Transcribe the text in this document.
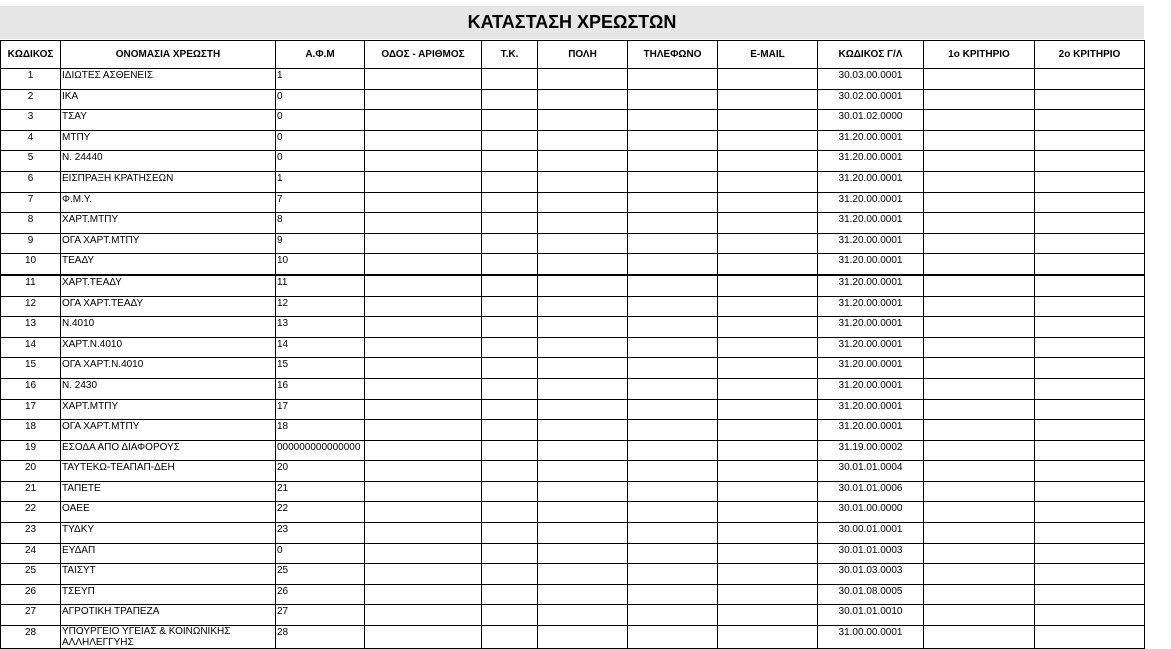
ΚΑΤΑΣΤΑΣΗ ΧΡΕΩΣΤΩΝ
ΚΩΔΙΚΟΣ	ΟΝΟΜΑΣΙΑ ΧΡΕΩΣΤΗ	Α.Φ.Μ	ΟΔΟΣ - ΑΡΙΘΜΟΣ	Τ.Κ.	ΠΟΛΗ	ΤΗΛΕΦΩΝΟ	E-MAIL	ΚΩΔΙΚΟΣ Γ/Λ	1ο ΚΡΙΤΗΡΙΟ	2ο ΚΡΙΤΗΡΙΟ
1	ΙΔΙΩΤΕΣ ΑΣΘΕΝΕΙΣ	1						30.03.00.0001		
2	ΙΚΑ	0						30.02.00.0001		
3	ΤΣΑΥ	0						30.01.02.0000		
4	ΜΤΠΥ	0						31.20.00.0001		
5	Ν. 24440	0						31.20.00.0001		
6	ΕΙΣΠΡΑΞΗ ΚΡΑΤΗΣΕΩΝ	1						31.20.00.0001		
7	Φ.Μ.Υ.	7						31.20.00.0001		
8	ΧΑΡΤ.ΜΤΠΥ	8						31.20.00.0001		
9	ΟΓΑ ΧΑΡΤ.ΜΤΠΥ	9						31.20.00.0001		
10	ΤΕΑΔΥ	10						31.20.00.0001		
11	ΧΑΡΤ.ΤΕΑΔΥ	11						31.20.00.0001		
12	ΟΓΑ ΧΑΡΤ.ΤΕΑΔΥ	12						31.20.00.0001		
13	Ν.4010	13						31.20.00.0001		
14	ΧΑΡΤ.Ν.4010	14						31.20.00.0001		
15	ΟΓΑ ΧΑΡΤ.Ν.4010	15						31.20.00.0001		
16	Ν. 2430	16						31.20.00.0001		
17	ΧΑΡΤ.ΜΤΠΥ	17						31.20.00.0001		
18	ΟΓΑ ΧΑΡΤ.ΜΤΠΥ	18						31.20.00.0001		
19	ΕΣΟΔΑ ΑΠΟ ΔΙΑΦΟΡΟΥΣ	000000000000000						31.19.00.0002		
20	ΤΑΥΤΕΚΩ-ΤΕΑΠΑΠ-ΔΕΗ	20						30.01.01.0004		
21	ΤΑΠΕΤΕ	21						30.01.01.0006		
22	ΟΑΕΕ	22						30.01.00.0000		
23	ΤΥΔΚΥ	23						30.00.01.0001		
24	ΕΥΔΑΠ	0						30.01.01.0003		
25	ΤΑΙΣΥΤ	25						30.01.03.0003		
26	ΤΣΕΥΠ	26						30.01.08.0005		
27	ΑΓΡΟΤΙΚΗ ΤΡΑΠΕΖΑ	27						30.01.01.0010		
28	ΥΠΟΥΡΓΕΙΟ ΥΓΕΙΑΣ & ΚΟΙΝΩΝΙΚΗΣ ΑΛΛΗΛΕΓΓΥΗΣ	28						31.00.00.0001		
